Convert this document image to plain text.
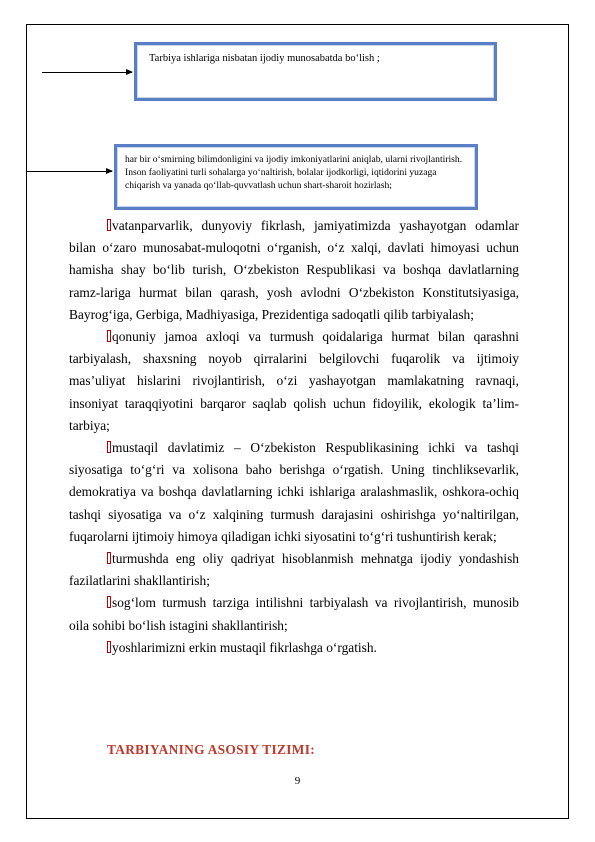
Tarbiya ishlariga nisbatan ijodiy munosabatda bo‘lish ;
har bir o‘smirning bilimdonligini va ijodiy imkoniyatlarini aniqlab, ularni rivojlantirish. Inson faoliyatini turli sohalarga yo‘naltirish, bolalar ijodkorligi, iqtidorini yuzaga chiqarish va yanada qo‘llab-quvvatlash uchun shart-sharoit hozirlash;

vatanparvarlik, dunyoviy fikrlash, jamiyatimizda yashayotgan odamlar bilan o‘zaro munosabat-muloqotni o‘rganish, o‘z xalqi, davlati himoyasi uchun hamisha shay bo‘lib turish, O‘zbekiston Respublikasi va boshqa davlatlarning ramz-lariga hurmat bilan qarash, yosh avlodni O‘zbekiston Konstitutsiyasiga, Bayrog‘iga, Gerbiga, Madhiyasiga, Prezidentiga sadoqatli qilib tarbiyalash;

qonuniy jamoa axloqi va turmush qoidalariga hurmat bilan qarashni tarbiyalash, shaxsning noyob qirralarini belgilovchi fuqarolik va ijtimoiy mas’uliyat hislarini rivojlantirish, o‘zi yashayotgan mamlakatning ravnaqi, insoniyat taraqqiyotini barqaror saqlab qolish uchun fidoyilik, ekologik ta’lim-tarbiya;

mustaqil davlatimiz – O‘zbekiston Respublikasining ichki va tashqi siyosatiga to‘g‘ri va xolisona baho berishga o‘rgatish. Uning tinchliksevarlik, demokratiya va boshqa davlatlarning ichki ishlariga aralashmaslik, oshkora-ochiq tashqi siyosatiga va o‘z xalqining turmush darajasini oshirishga yo‘naltirilgan, fuqarolarni ijtimoiy himoya qiladigan ichki siyosatini to‘g‘ri tushuntirish kerak;

turmushda eng oliy qadriyat hisoblanmish mehnatga ijodiy yondashish fazilatlarini shakllantirish;

sog‘lom turmush tarziga intilishni tarbiyalash va rivojlantirish, munosib oila sohibi bo‘lish istagini shakllantirish;

yoshlarimizni erkin mustaqil fikrlashga o‘rgatish.

TARBIYANING ASOSIY TIZIMI:
9
